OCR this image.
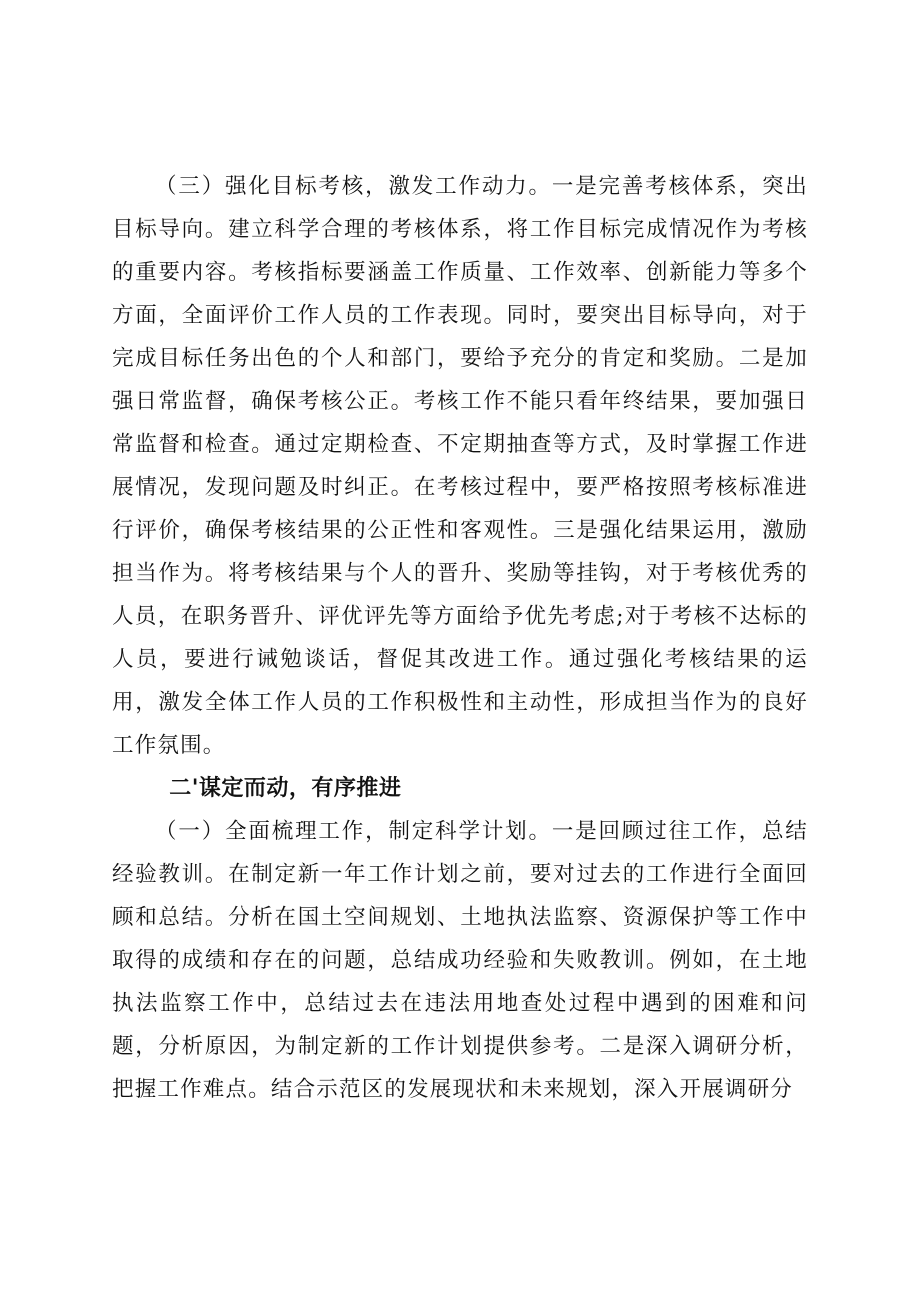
（三）强化目标考核，激发工作动力。一是完善考核体系，突出目标导向。建立科学合理的考核体系，将工作目标完成情况作为考核的重要内容。考核指标要涵盖工作质量、工作效率、创新能力等多个方面，全面评价工作人员的工作表现。同时，要突出目标导向，对于完成目标任务出色的个人和部门，要给予充分的肯定和奖励。二是加强日常监督，确保考核公正。考核工作不能只看年终结果，要加强日常监督和检查。通过定期检查、不定期抽查等方式，及时掌握工作进展情况，发现问题及时纠正。在考核过程中，要严格按照考核标准进行评价，确保考核结果的公正性和客观性。三是强化结果运用，激励担当作为。将考核结果与个人的晋升、奖励等挂钩，对于考核优秀的人员，在职务晋升、评优评先等方面给予优先考虑;对于考核不达标的人员，要进行诫勉谈话，督促其改进工作。通过强化考核结果的运用，激发全体工作人员的工作积极性和主动性，形成担当作为的良好工作氛围。

二'谋定而动，有序推进

（一）全面梳理工作，制定科学计划。一是回顾过往工作，总结经验教训。在制定新一年工作计划之前，要对过去的工作进行全面回顾和总结。分析在国土空间规划、土地执法监察、资源保护等工作中取得的成绩和存在的问题，总结成功经验和失败教训。例如，在土地执法监察工作中，总结过去在违法用地查处过程中遇到的困难和问题，分析原因，为制定新的工作计划提供参考。二是深入调研分析，把握工作难点。结合示范区的发展现状和未来规划，深入开展调研分
